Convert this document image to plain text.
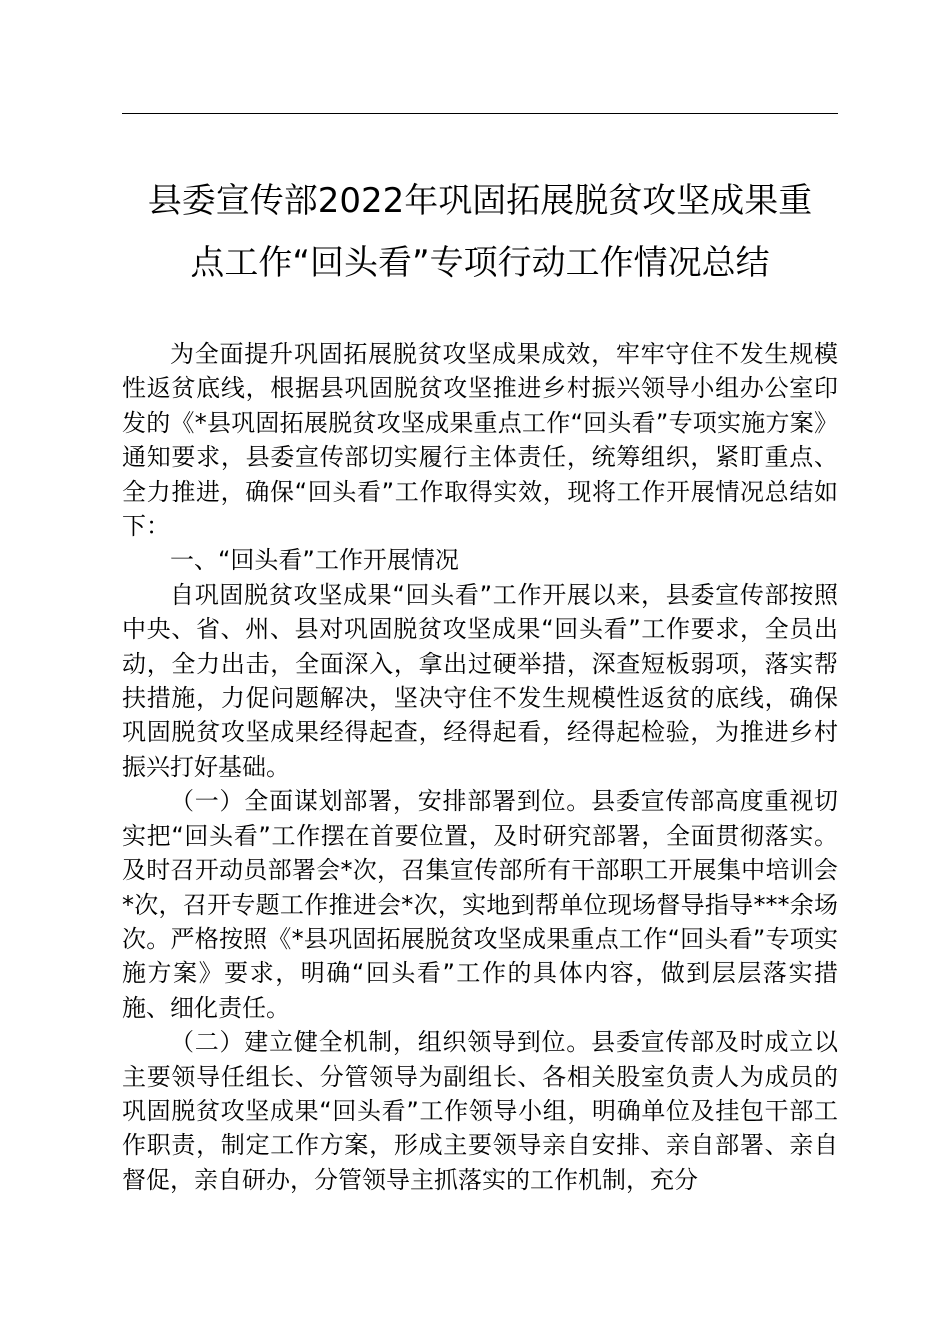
县委宣传部2022年巩固拓展脱贫攻坚成果重
点工作“回头看”专项行动工作情况总结

为全面提升巩固拓展脱贫攻坚成果成效，牢牢守住不发生规模性返贫底线，根据县巩固脱贫攻坚推进乡村振兴领导小组办公室印发的《*县巩固拓展脱贫攻坚成果重点工作“回头看”专项实施方案》通知要求，县委宣传部切实履行主体责任，统筹组织，紧盯重点、全力推进，确保“回头看”工作取得实效，现将工作开展情况总结如下：

一、“回头看”工作开展情况

自巩固脱贫攻坚成果“回头看”工作开展以来，县委宣传部按照中央、省、州、县对巩固脱贫攻坚成果“回头看”工作要求，全员出动，全力出击，全面深入，拿出过硬举措，深查短板弱项，落实帮扶措施，力促问题解决，坚决守住不发生规模性返贫的底线，确保巩固脱贫攻坚成果经得起查，经得起看，经得起检验，为推进乡村振兴打好基础。

（一）全面谋划部署，安排部署到位。县委宣传部高度重视切实把“回头看”工作摆在首要位置，及时研究部署，全面贯彻落实。及时召开动员部署会*次，召集宣传部所有干部职工开展集中培训会*次，召开专题工作推进会*次，实地到帮单位现场督导指导***余场次。严格按照《*县巩固拓展脱贫攻坚成果重点工作“回头看”专项实施方案》要求，明确“回头看”工作的具体内容，做到层层落实措施、细化责任。

（二）建立健全机制，组织领导到位。县委宣传部及时成立以主要领导任组长、分管领导为副组长、各相关股室负责人为成员的巩固脱贫攻坚成果“回头看”工作领导小组，明确单位及挂包干部工作职责，制定工作方案，形成主要领导亲自安排、亲自部署、亲自督促，亲自研办，分管领导主抓落实的工作机制，充分
